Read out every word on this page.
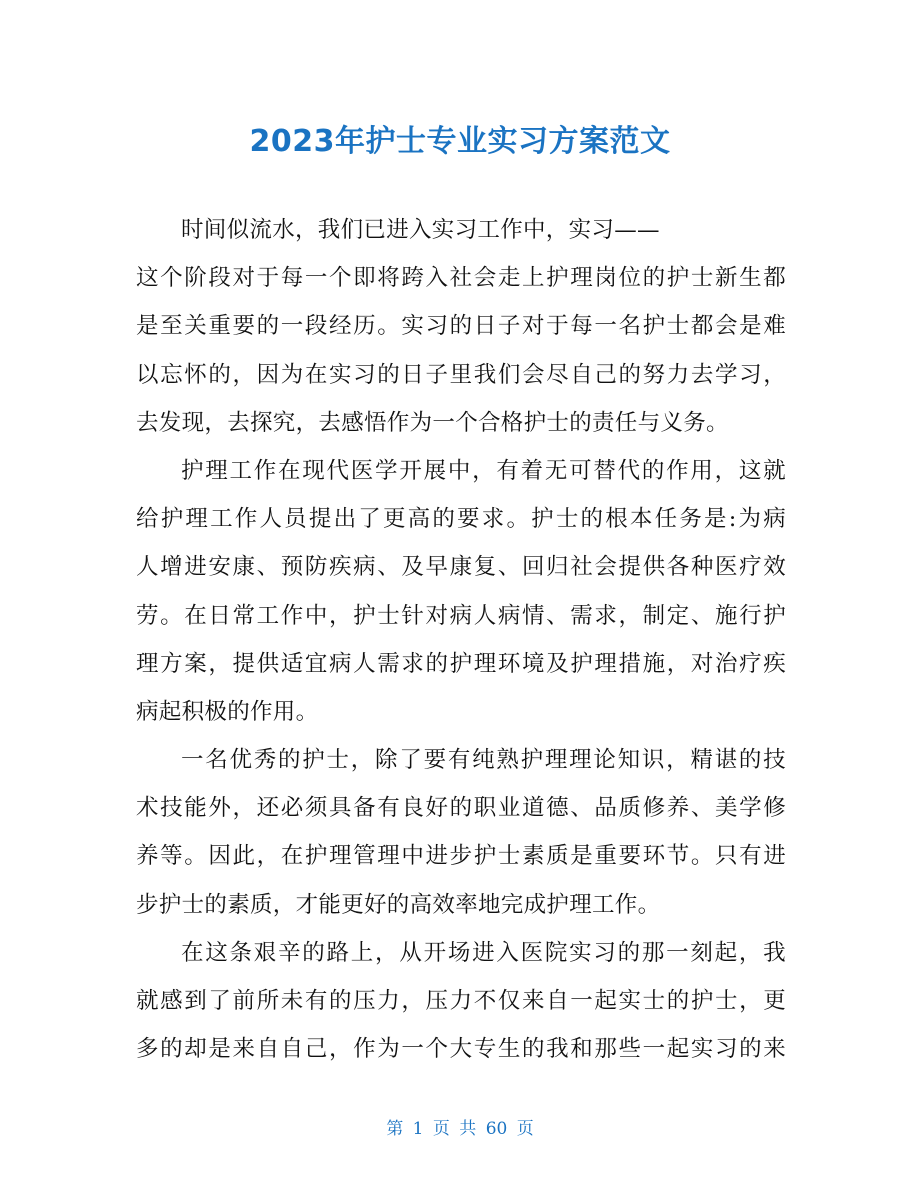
2023年护士专业实习方案范文
时间似流水，我们已进入实习工作中，实习——
这个阶段对于每一个即将跨入社会走上护理岗位的护士新生都
是至关重要的一段经历。实习的日子对于每一名护士都会是难
以忘怀的，因为在实习的日子里我们会尽自己的努力去学习，
去发现，去探究，去感悟作为一个合格护士的责任与义务。
护理工作在现代医学开展中，有着无可替代的作用，这就
给护理工作人员提出了更高的要求。护士的根本任务是:为病
人增进安康、预防疾病、及早康复、回归社会提供各种医疗效
劳。在日常工作中，护士针对病人病情、需求，制定、施行护
理方案，提供适宜病人需求的护理环境及护理措施，对治疗疾
病起积极的作用。
一名优秀的护士，除了要有纯熟护理理论知识，精谌的技
术技能外，还必须具备有良好的职业道德、品质修养、美学修
养等。因此，在护理管理中进步护士素质是重要环节。只有进
步护士的素质，才能更好的高效率地完成护理工作。
在这条艰辛的路上，从开场进入医院实习的那一刻起，我
就感到了前所未有的压力，压力不仅来自一起实士的护士，更
多的却是来自自己，作为一个大专生的我和那些一起实习的来
第 1 页 共 60 页
